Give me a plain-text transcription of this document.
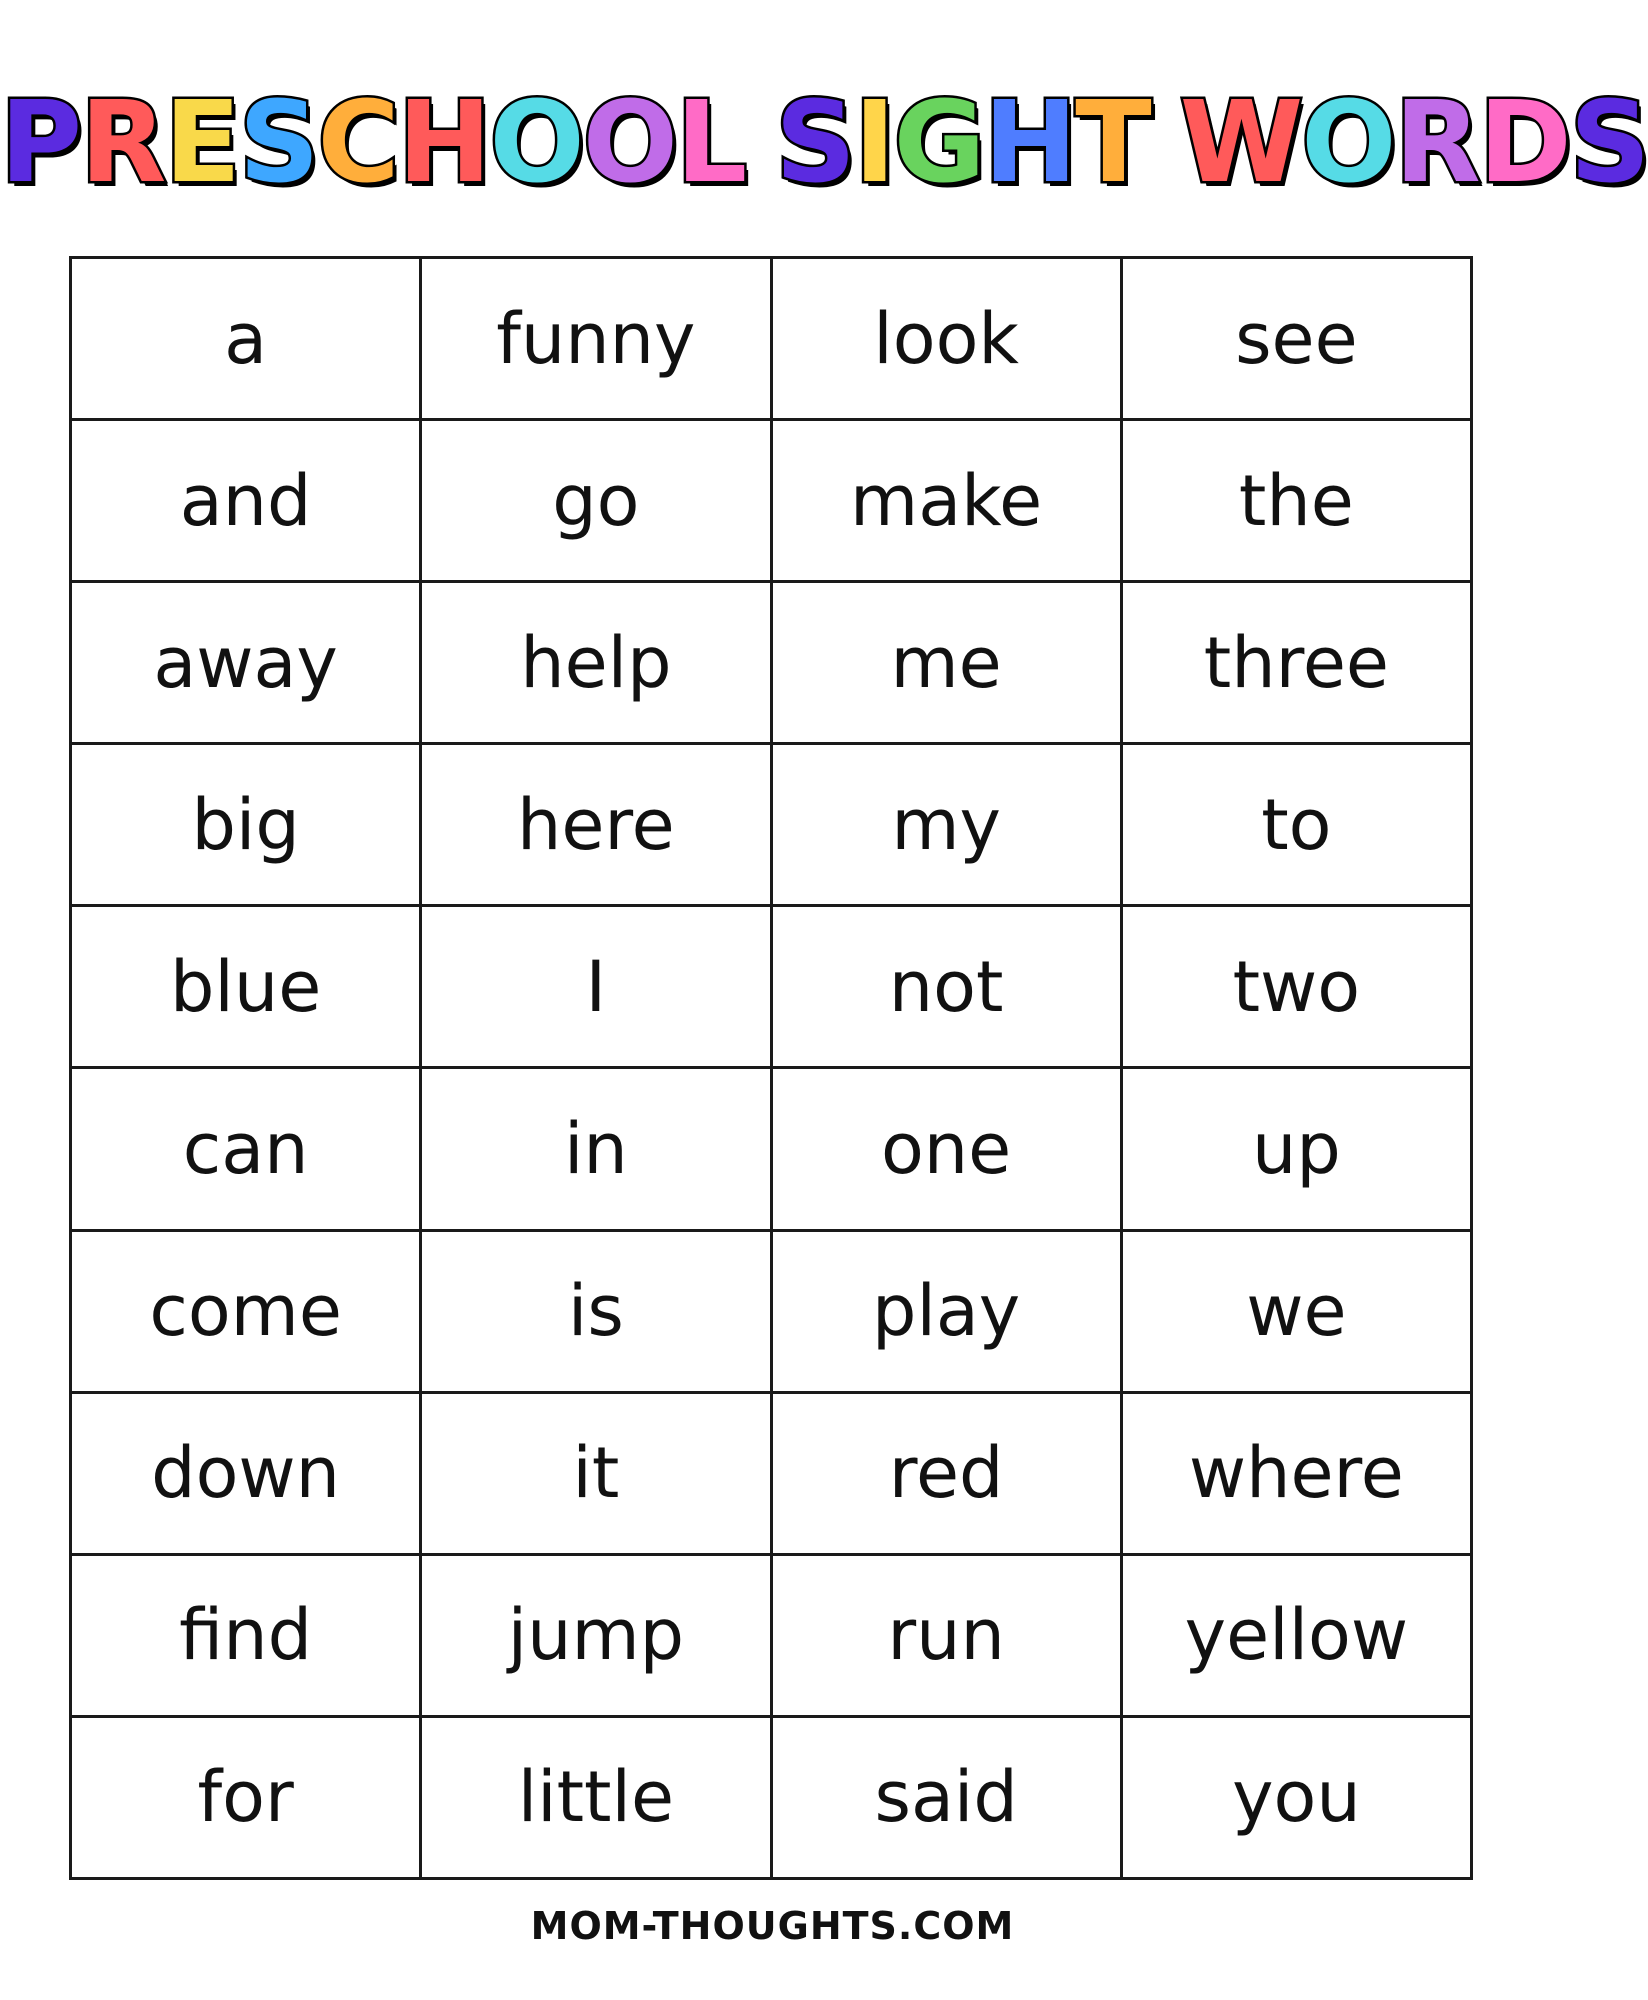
PRESCHOOL SIGHT WORDS
a	funny	look	see
and	go	make	the
away	help	me	three
big	here	my	to
blue	I	not	two
can	in	one	up
come	is	play	we
down	it	red	where
find	jump	run	yellow
for	little	said	you
MOM-THOUGHTS.COM
